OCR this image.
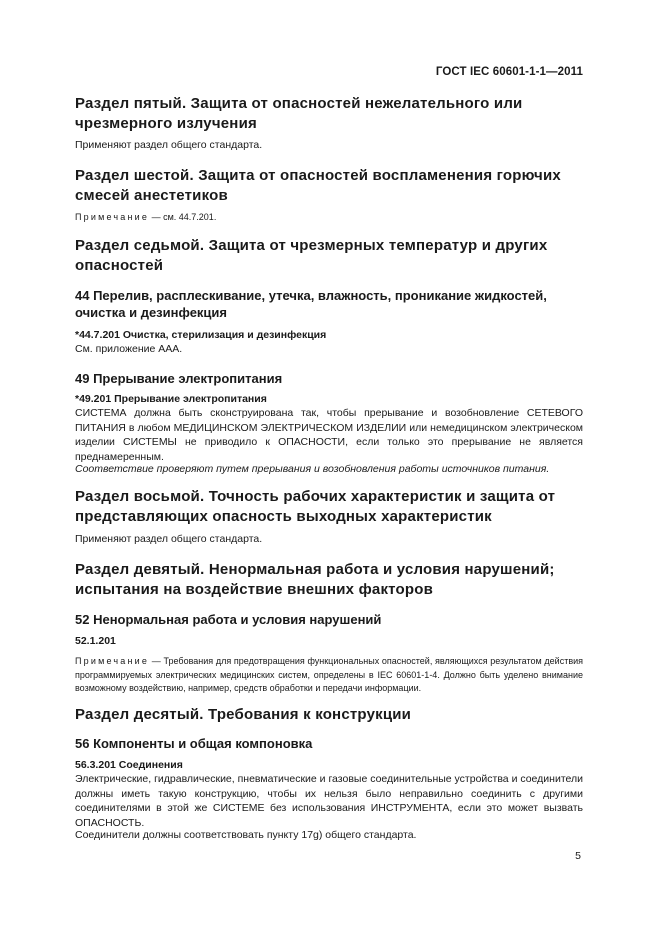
ГОСТ IEC 60601-1-1—2011
Раздел пятый. Защита от опасностей нежелательного или чрезмерного излучения

Применяют раздел общего стандарта.

Раздел шестой. Защита от опасностей воспламенения горючих смесей анестетиков

Примечание — см. 44.7.201.

Раздел седьмой. Защита от чрезмерных температур и других опасностей
44 Перелив, расплескивание, утечка, влажность, проникание жидкостей, очистка и дезинфекция

*44.7.201 Очистка, стерилизация и дезинфекция

См. приложение ААА.

49 Прерывание электропитания

*49.201 Прерывание электропитания

СИСТЕМА должна быть сконструирована так, чтобы прерывание и возобновление СЕТЕВОГО ПИТАНИЯ в любом МЕДИЦИНСКОМ ЭЛЕКТРИЧЕСКОМ ИЗДЕЛИИ или немедицинском электрическом изделии СИСТЕМЫ не приводило к ОПАСНОСТИ, если только это прерывание не является преднамеренным.

Соответствие проверяют путем прерывания и возобновления работы источников питания.

Раздел восьмой. Точность рабочих характеристик и защита от представляющих опасность выходных характеристик

Применяют раздел общего стандарта.

Раздел девятый. Ненормальная работа и условия нарушений; испытания на воздействие внешних факторов
52 Ненормальная работа и условия нарушений

52.1.201

Примечание — Требования для предотвращения функциональных опасностей, являющихся результатом действия программируемых электрических медицинских систем, определены в IEC 60601-1-4. Должно быть уделено внимание возможному воздействию, например, средств обработки и передачи информации.

Раздел десятый. Требования к конструкции
56 Компоненты и общая компоновка

56.3.201 Соединения

Электрические, гидравлические, пневматические и газовые соединительные устройства и соединители должны иметь такую конструкцию, чтобы их нельзя было неправильно соединить с другими соединителями в этой же СИСТЕМЕ без использования ИНСТРУМЕНТА, если это может вызвать ОПАСНОСТЬ.

Соединители должны соответствовать пункту 17g) общего стандарта.

5
